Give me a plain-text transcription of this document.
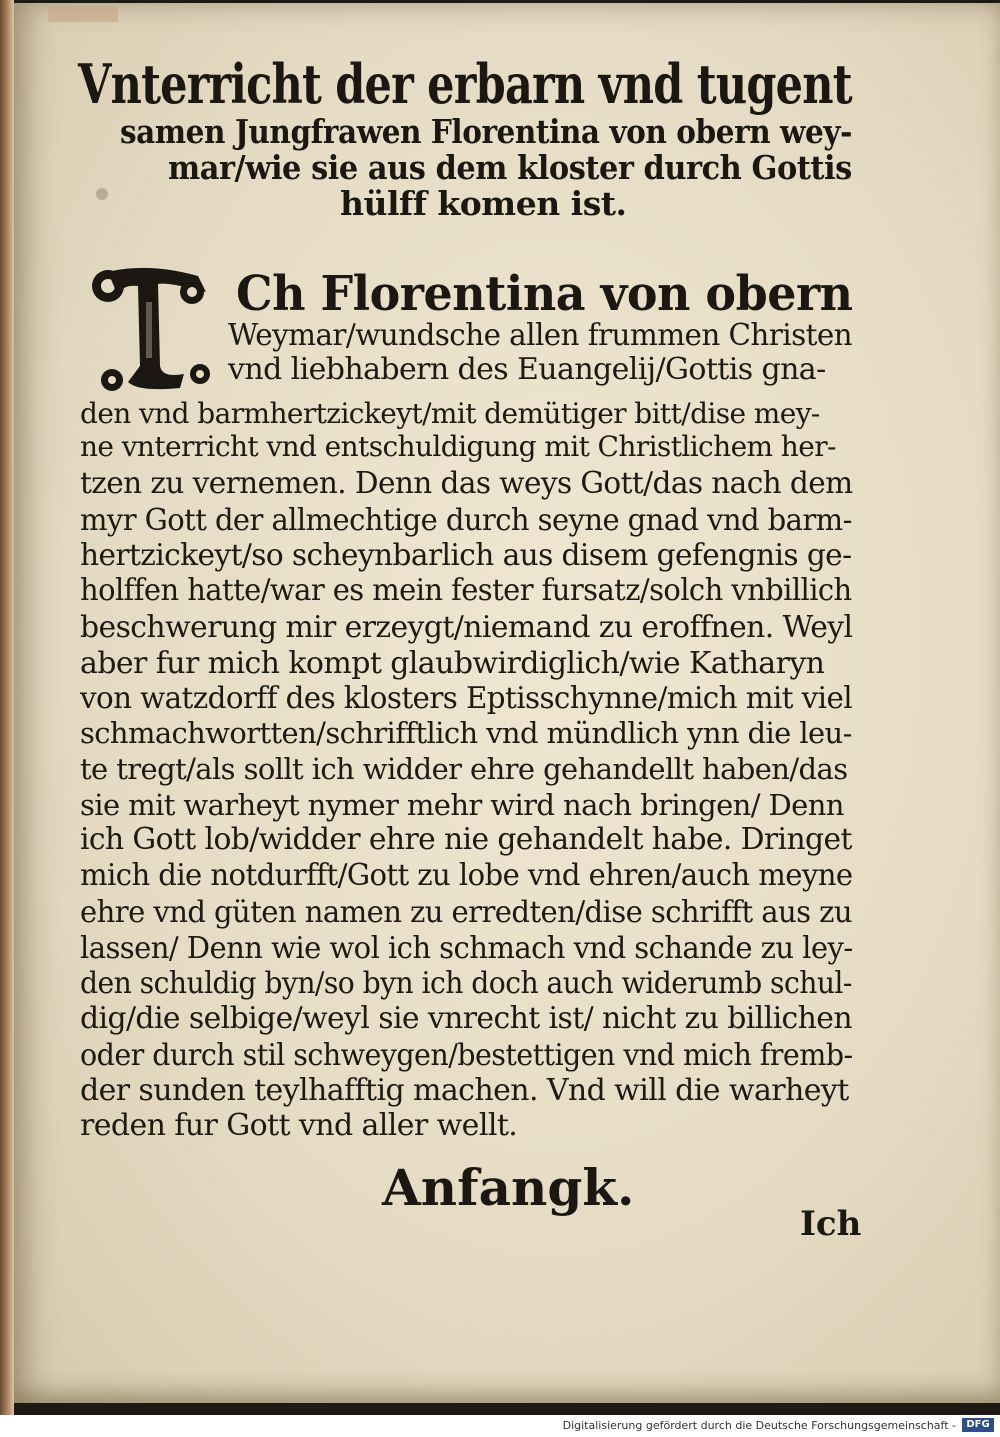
Vnterricht der erbarn vnd tugent
samen Jungfrawen Florentina von obern wey-
mar/wie sie aus dem kloster durch Gottis
hülff komen ist.
Ch Florentina von obern
Weymar/wundsche allen frummen Christen
vnd liebhabern des Euangelij/Gottis gna-
den vnd barmhertzickeyt/mit demütiger bitt/dise mey-
ne vnterricht vnd entschuldigung mit Christlichem her-
tzen zu vernemen. Denn das weys Gott/das nach dem
myr Gott der allmechtige durch seyne gnad vnd barm-
hertzickeyt/so scheynbarlich aus disem gefengnis ge-
holffen hatte/war es mein fester fursatz/solch vnbillich
beschwerung mir erzeygt/niemand zu eroffnen. Weyl
aber fur mich kompt glaubwirdiglich/wie Katharyn
von watzdorff des klosters Eptisschynne/mich mit viel
schmachwortten/schrifftlich vnd mündlich ynn die leu-
te tregt/als sollt ich widder ehre gehandellt haben/das
sie mit warheyt nymer mehr wird nach bringen/ Denn
ich Gott lob/widder ehre nie gehandelt habe. Dringet
mich die notdurfft/Gott zu lobe vnd ehren/auch meyne
ehre vnd güten namen zu erredten/dise schrifft aus zu
lassen/ Denn wie wol ich schmach vnd schande zu ley-
den schuldig byn/so byn ich doch auch widerumb schul-
dig/die selbige/weyl sie vnrecht ist/ nicht zu billichen
oder durch stil schweygen/bestettigen vnd mich fremb-
der sunden teylhafftig machen. Vnd will die warheyt
reden fur Gott vnd aller wellt.
Anfangk.
Ich
Digitalisierung gefördert durch die Deutsche Forschungsgemeinschaft -	DFG
